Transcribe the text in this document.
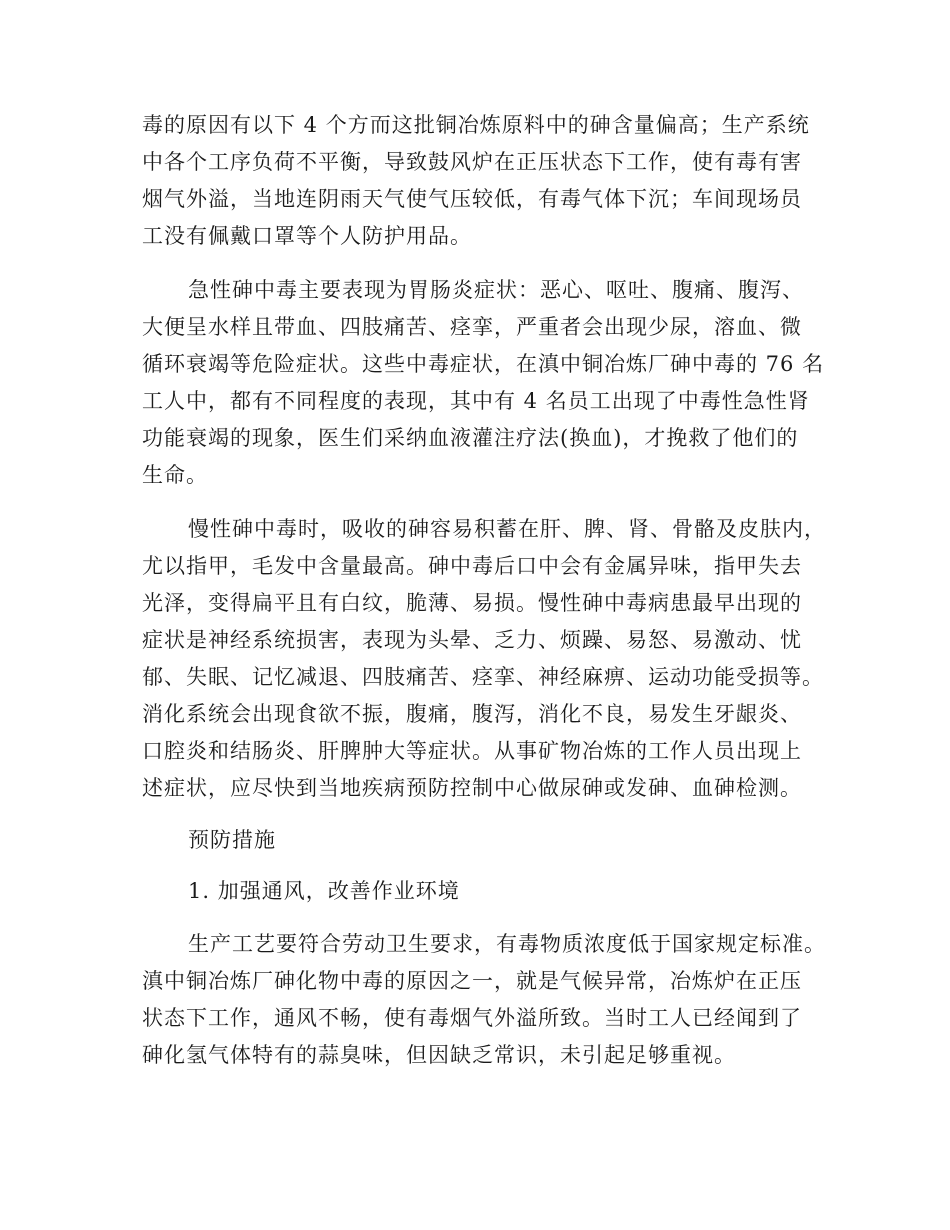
毒的原因有以下 4 个方而这批铜冶炼原料中的砷含量偏高；生产系统
中各个工序负荷不平衡，导致鼓风炉在正压状态下工作，使有毒有害
烟气外溢，当地连阴雨天气使气压较低，有毒气体下沉；车间现场员
工没有佩戴口罩等个人防护用品。
急性砷中毒主要表现为胃肠炎症状：恶心、呕吐、腹痛、腹泻、
大便呈水样且带血、四肢痛苦、痉挛，严重者会出现少尿，溶血、微
循环衰竭等危险症状。这些中毒症状，在滇中铜冶炼厂砷中毒的 76 名
工人中，都有不同程度的表现，其中有 4 名员工出现了中毒性急性肾
功能衰竭的现象，医生们采纳血液灌注疗法(换血)，才挽救了他们的
生命。
慢性砷中毒时，吸收的砷容易积蓄在肝、脾、肾、骨骼及皮肤内，
尤以指甲，毛发中含量最高。砷中毒后口中会有金属异味，指甲失去
光泽，变得扁平且有白纹，脆薄、易损。慢性砷中毒病患最早出现的
症状是神经系统损害，表现为头晕、乏力、烦躁、易怒、易激动、忧
郁、失眠、记忆减退、四肢痛苦、痉挛、神经麻痹、运动功能受损等。
消化系统会出现食欲不振，腹痛，腹泻，消化不良，易发生牙龈炎、
口腔炎和结肠炎、肝脾肿大等症状。从事矿物冶炼的工作人员出现上
述症状，应尽快到当地疾病预防控制中心做尿砷或发砷、血砷检测。
预防措施
1. 加强通风，改善作业环境
生产工艺要符合劳动卫生要求，有毒物质浓度低于国家规定标准。
滇中铜冶炼厂砷化物中毒的原因之一，就是气候异常，冶炼炉在正压
状态下工作，通风不畅，使有毒烟气外溢所致。当时工人已经闻到了
砷化氢气体特有的蒜臭味，但因缺乏常识，未引起足够重视。
